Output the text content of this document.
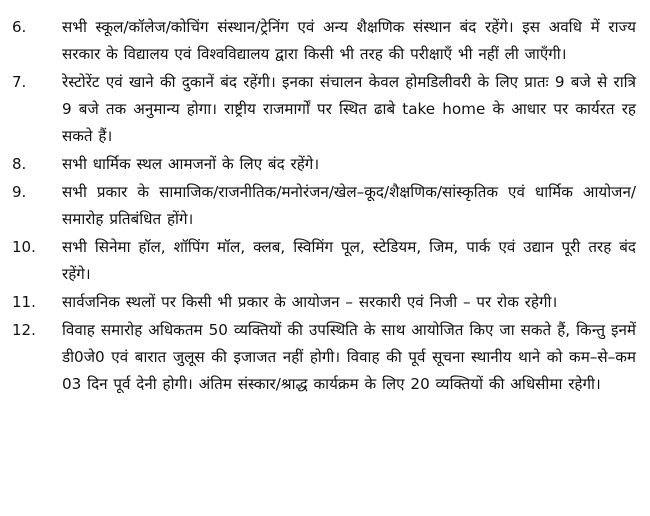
6.	सभी स्कूल/कॉलेज/कोचिंग संस्थान/ट्रेनिंग एवं अन्य शैक्षणिक संस्थान बंद रहेंगे। इस अवधि में राज्य सरकार के विद्यालय एवं विश्वविद्यालय द्वारा किसी भी तरह की परीक्षाएँ भी नहीं ली जाएँगी।
7.	रेस्टोरेंट एवं खाने की दुकानें बंद रहेंगी। इनका संचालन केवल होमडिलीवरी के लिए प्रातः 9 बजे से रात्रि 9 बजे तक अनुमान्य होगा। राष्ट्रीय राजमार्गों पर स्थित ढाबे take home के आधार पर कार्यरत रह सकते हैं।
8.	सभी धार्मिक स्थल आमजनों के लिए बंद रहेंगे।
9.	सभी प्रकार के सामाजिक/राजनीतिक/मनोरंजन/खेल–कूद/शैक्षणिक/सांस्कृतिक एवं धार्मिक आयोजन/समारोह प्रतिबंधित होंगे।
10.	सभी सिनेमा हॉल, शॉपिंग मॉल, क्लब, स्विमिंग पूल, स्टेडियम, जिम, पार्क एवं उद्यान पूरी तरह बंद रहेंगे।
11.	सार्वजनिक स्थलों पर किसी भी प्रकार के आयोजन – सरकारी एवं निजी – पर रोक रहेगी।
12.	विवाह समारोह अधिकतम 50 व्यक्तियों की उपस्थिति के साथ आयोजित किए जा सकते हैं, किन्तु इनमें डी0जे0 एवं बारात जुलूस की इजाजत नहीं होगी। विवाह की पूर्व सूचना स्थानीय थाने को कम–से–कम 03 दिन पूर्व देनी होगी। अंतिम संस्कार/श्राद्ध कार्यक्रम के लिए 20 व्यक्तियों की अधिसीमा रहेगी।
